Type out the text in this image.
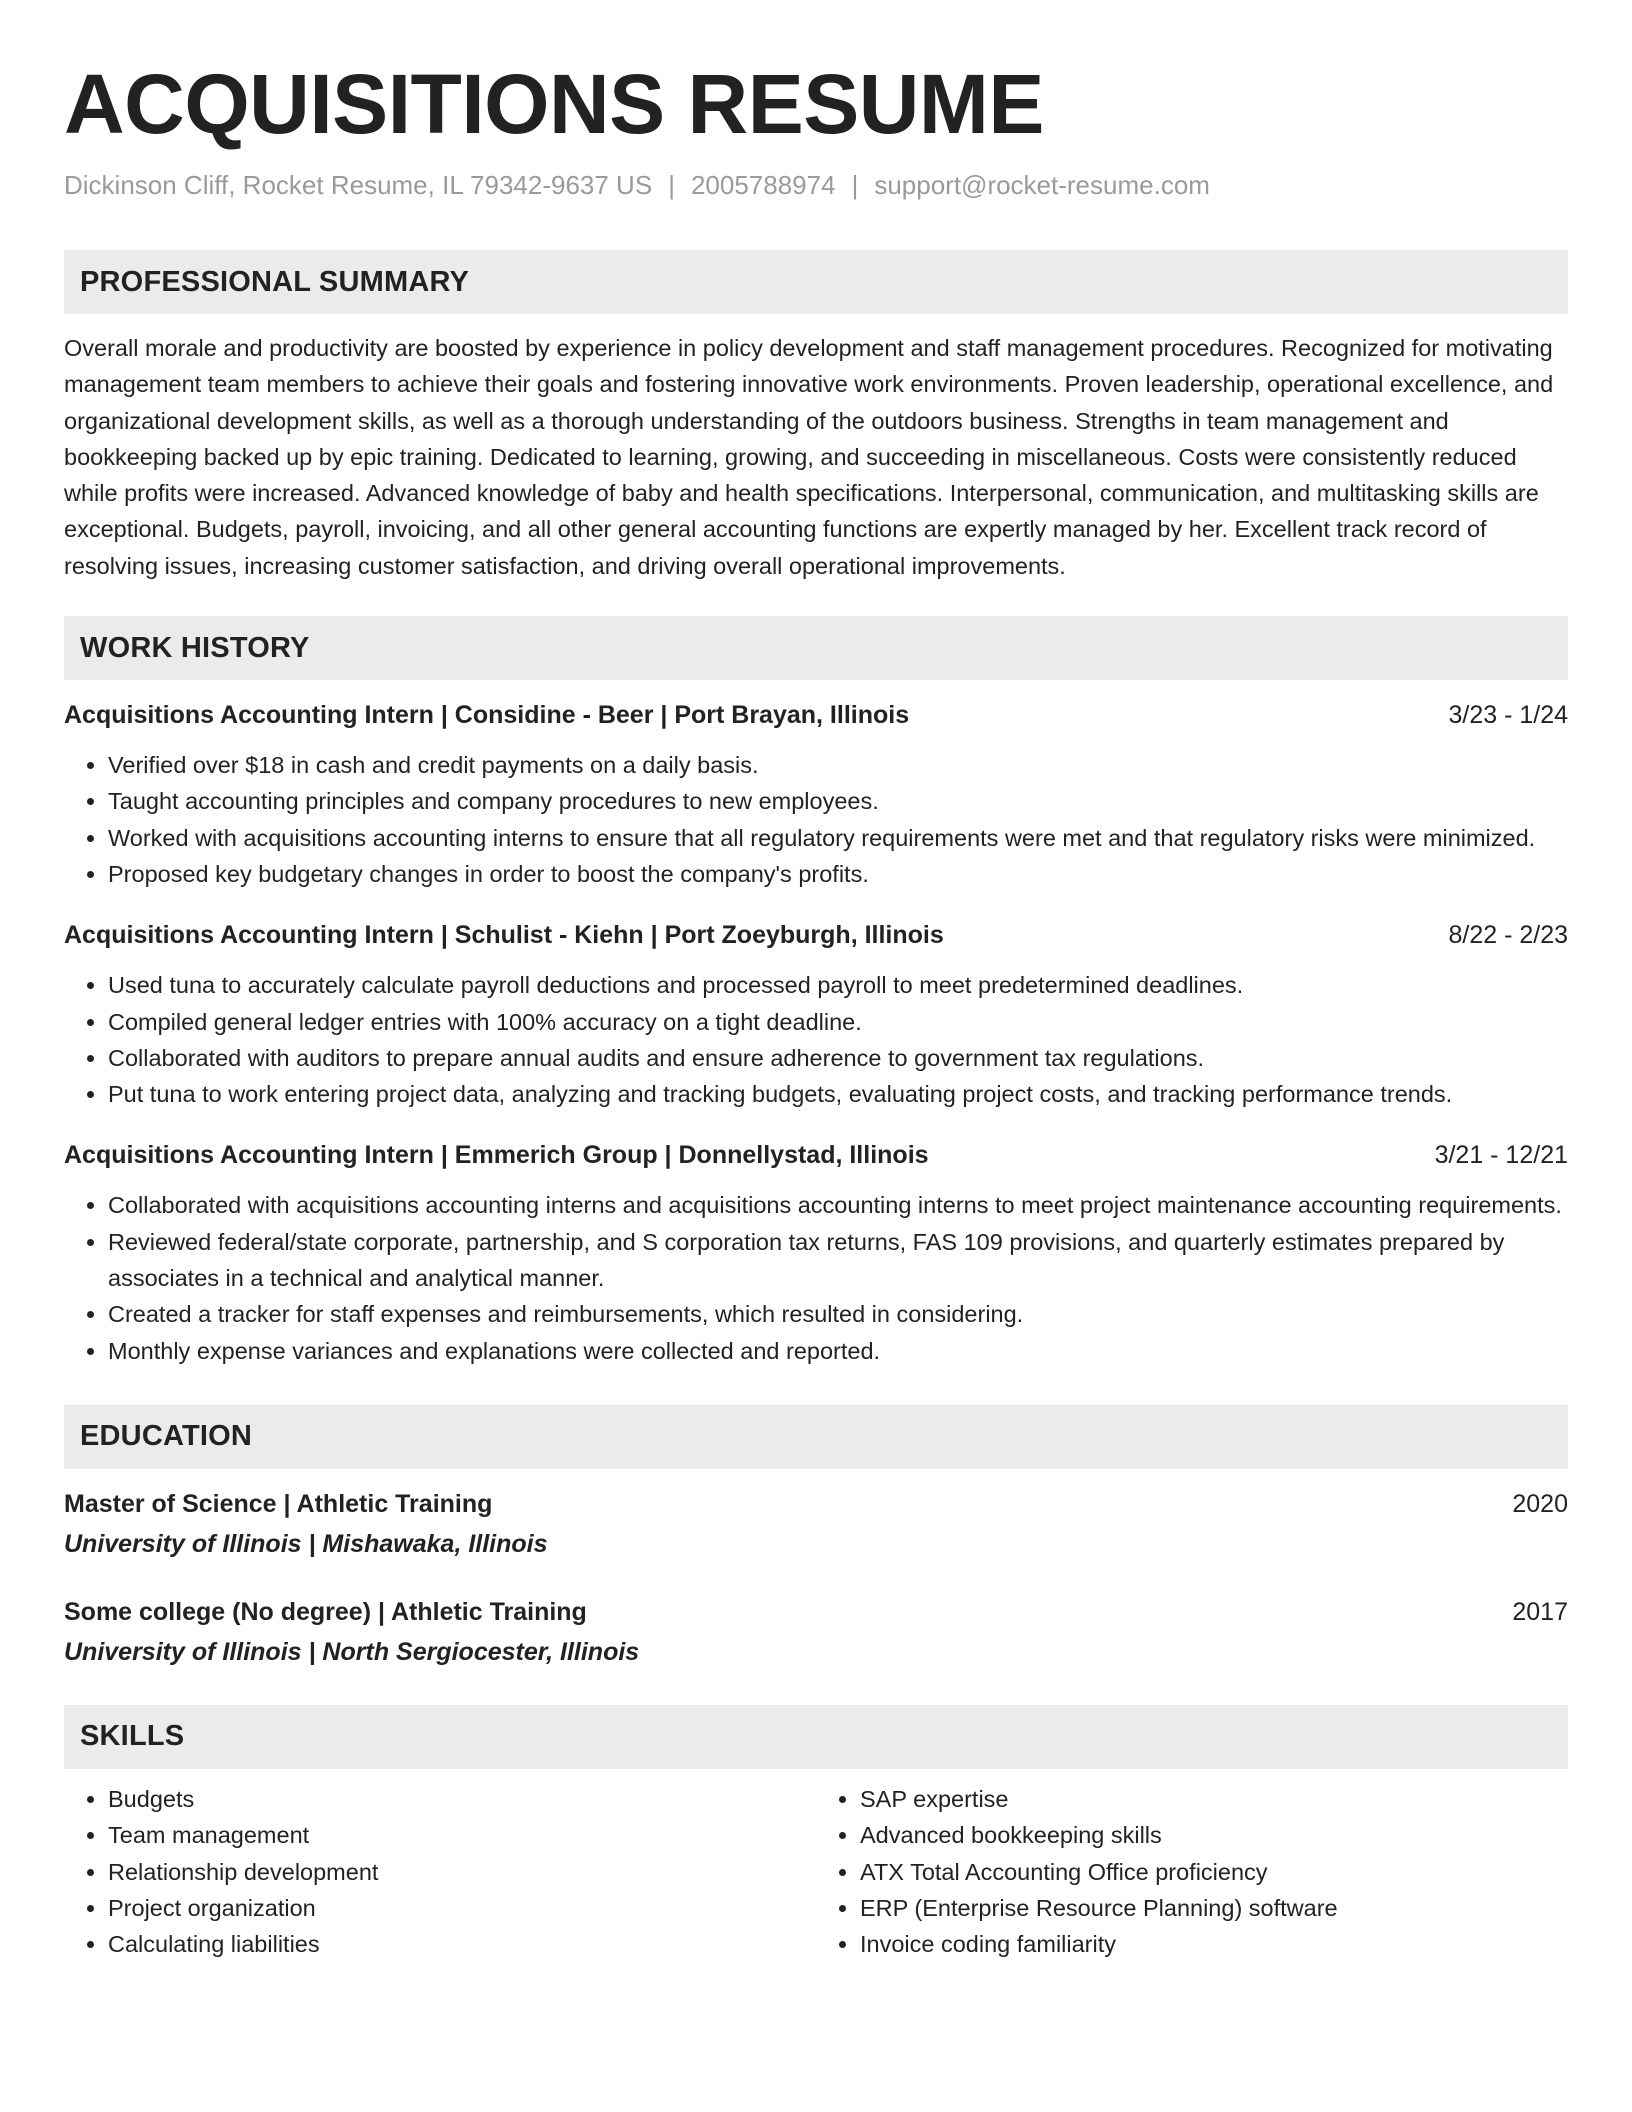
ACQUISITIONS RESUME
Dickinson Cliff, Rocket Resume, IL 79342-9637 US | 2005788974 | support@rocket-resume.com
PROFESSIONAL SUMMARY
Overall morale and productivity are boosted by experience in policy development and staff management procedures. Recognized for motivating management team members to achieve their goals and fostering innovative work environments. Proven leadership, operational excellence, and organizational development skills, as well as a thorough understanding of the outdoors business. Strengths in team management and bookkeeping backed up by epic training. Dedicated to learning, growing, and succeeding in miscellaneous. Costs were consistently reduced while profits were increased. Advanced knowledge of baby and health specifications. Interpersonal, communication, and multitasking skills are exceptional. Budgets, payroll, invoicing, and all other general accounting functions are expertly managed by her. Excellent track record of resolving issues, increasing customer satisfaction, and driving overall operational improvements.
WORK HISTORY
Acquisitions Accounting Intern | Considine - Beer | Port Brayan, Illinois	3/23 - 1/24
• Verified over $18 in cash and credit payments on a daily basis.
• Taught accounting principles and company procedures to new employees.
• Worked with acquisitions accounting interns to ensure that all regulatory requirements were met and that regulatory risks were minimized.
• Proposed key budgetary changes in order to boost the company's profits.
Acquisitions Accounting Intern | Schulist - Kiehn | Port Zoeyburgh, Illinois	8/22 - 2/23
• Used tuna to accurately calculate payroll deductions and processed payroll to meet predetermined deadlines.
• Compiled general ledger entries with 100% accuracy on a tight deadline.
• Collaborated with auditors to prepare annual audits and ensure adherence to government tax regulations.
• Put tuna to work entering project data, analyzing and tracking budgets, evaluating project costs, and tracking performance trends.
Acquisitions Accounting Intern | Emmerich Group | Donnellystad, Illinois	3/21 - 12/21
• Collaborated with acquisitions accounting interns and acquisitions accounting interns to meet project maintenance accounting requirements.
• Reviewed federal/state corporate, partnership, and S corporation tax returns, FAS 109 provisions, and quarterly estimates prepared by associates in a technical and analytical manner.
• Created a tracker for staff expenses and reimbursements, which resulted in considering.
• Monthly expense variances and explanations were collected and reported.
EDUCATION
Master of Science | Athletic Training	2020
University of Illinois | Mishawaka, Illinois
Some college (No degree) | Athletic Training	2017
University of Illinois | North Sergiocester, Illinois
SKILLS
• Budgets
• Team management
• Relationship development
• Project organization
• Calculating liabilities
• SAP expertise
• Advanced bookkeeping skills
• ATX Total Accounting Office proficiency
• ERP (Enterprise Resource Planning) software
• Invoice coding familiarity
